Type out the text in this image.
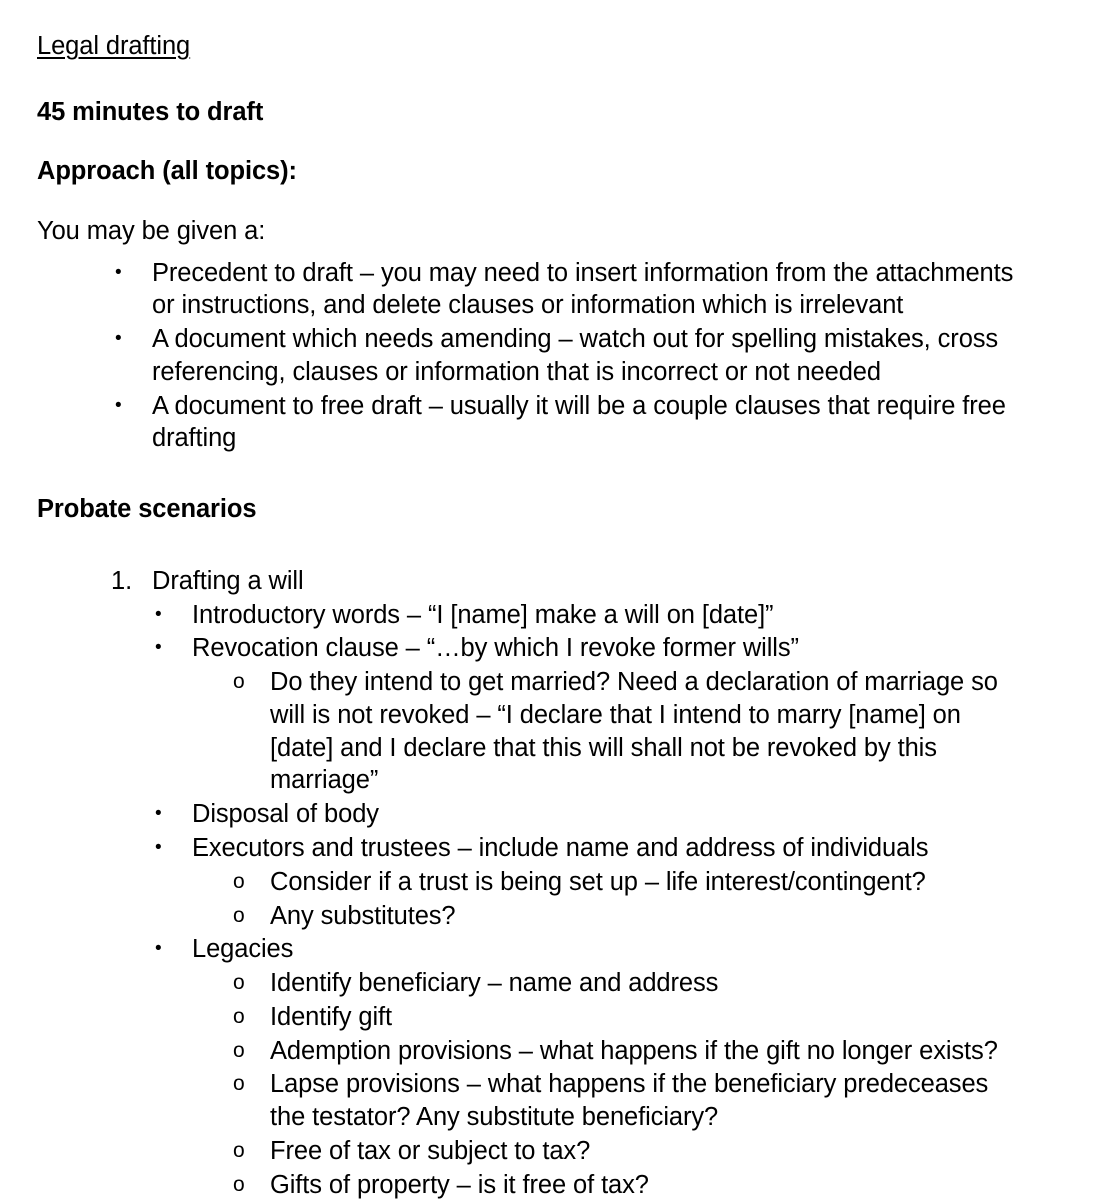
Legal drafting

45 minutes to draft

Approach (all topics):

You may be given a:

• Precedent to draft – you may need to insert information from the attachments or instructions, and delete clauses or information which is irrelevant
• A document which needs amending – watch out for spelling mistakes, cross referencing, clauses or information that is incorrect or not needed
• A document to free draft – usually it will be a couple clauses that require free drafting

Probate scenarios

1. Drafting a will
• Introductory words – “I [name] make a will on [date]”
• Revocation clause – “…by which I revoke former wills”
o Do they intend to get married? Need a declaration of marriage so will is not revoked – “I declare that I intend to marry [name] on [date] and I declare that this will shall not be revoked by this marriage”
• Disposal of body
• Executors and trustees – include name and address of individuals
o Consider if a trust is being set up – life interest/contingent?
o Any substitutes?
• Legacies
o Identify beneficiary – name and address
o Identify gift
o Ademption provisions – what happens if the gift no longer exists?
o Lapse provisions – what happens if the beneficiary predeceases the testator? Any substitute beneficiary?
o Free of tax or subject to tax?
o Gifts of property – is it free of tax?
